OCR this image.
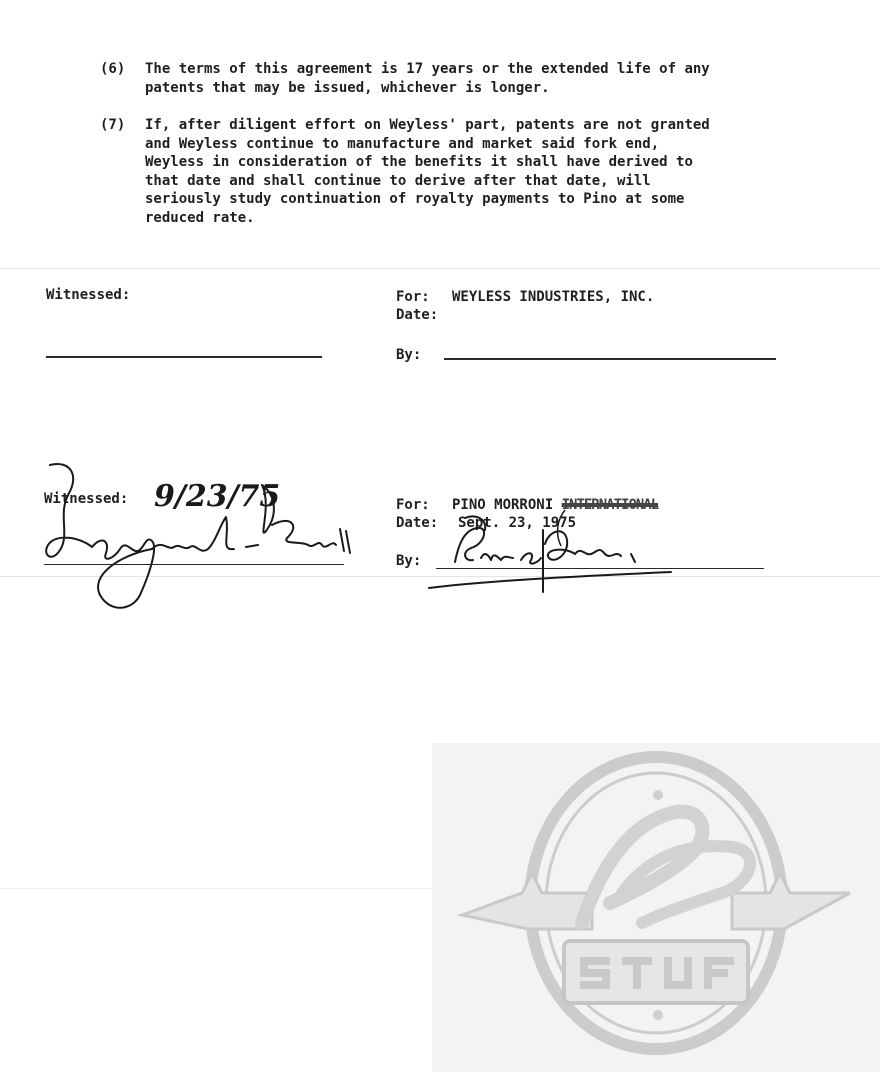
(6) The terms of this agreement is 17 years or the extended life of any patents that may be issued, whichever is longer.
(7) If, after diligent effort on Weyless' part, patents are not granted and Weyless continue to manufacture and market said fork end, Weyless in consideration of the benefits it shall have derived to that date and shall continue to derive after that date, will seriously study continuation of royalty payments to Pino at some reduced rate.
Witnessed:	For: WEYLESS INDUSTRIES, INC.
Date:
By:
Witnessed:	For: PINO MORRONI INTERNATIONAL
Date: Sept. 23, 1975
By:
9/23/75
